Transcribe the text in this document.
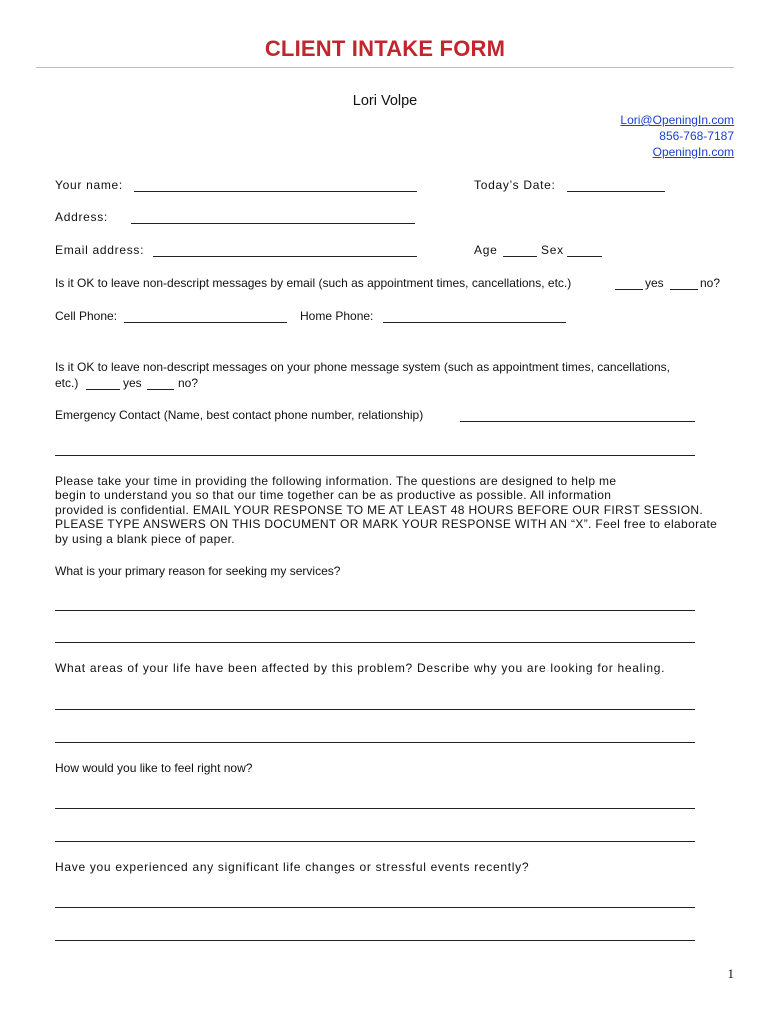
CLIENT INTAKE FORM
Lori Volpe
Lori@OpeningIn.com
856-768-7187
OpeningIn.com
Your name:	Today’s Date:
Address:
Email address:	Age	Sex
Is it OK to leave non-descript messages by email (such as appointment times, cancellations, etc.)	yes	no?
Cell Phone:	Home Phone:
Is it OK to leave non-descript messages on your phone message system (such as appointment times, cancellations,
etc.)	yes	no?
Emergency Contact (Name, best contact phone number, relationship)
Please take your time in providing the following information. The questions are designed to help me
begin to understand you so that our time together can be as productive as possible. All information
provided is confidential. EMAIL YOUR RESPONSE TO ME AT LEAST 48 HOURS BEFORE OUR FIRST SESSION.
PLEASE TYPE ANSWERS ON THIS DOCUMENT OR MARK YOUR RESPONSE WITH AN “X”. Feel free to elaborate
by using a blank piece of paper.
What is your primary reason for seeking my services?
What areas of your life have been affected by this problem? Describe why you are looking for healing.
How would you like to feel right now?
Have you experienced any significant life changes or stressful events recently?
1
